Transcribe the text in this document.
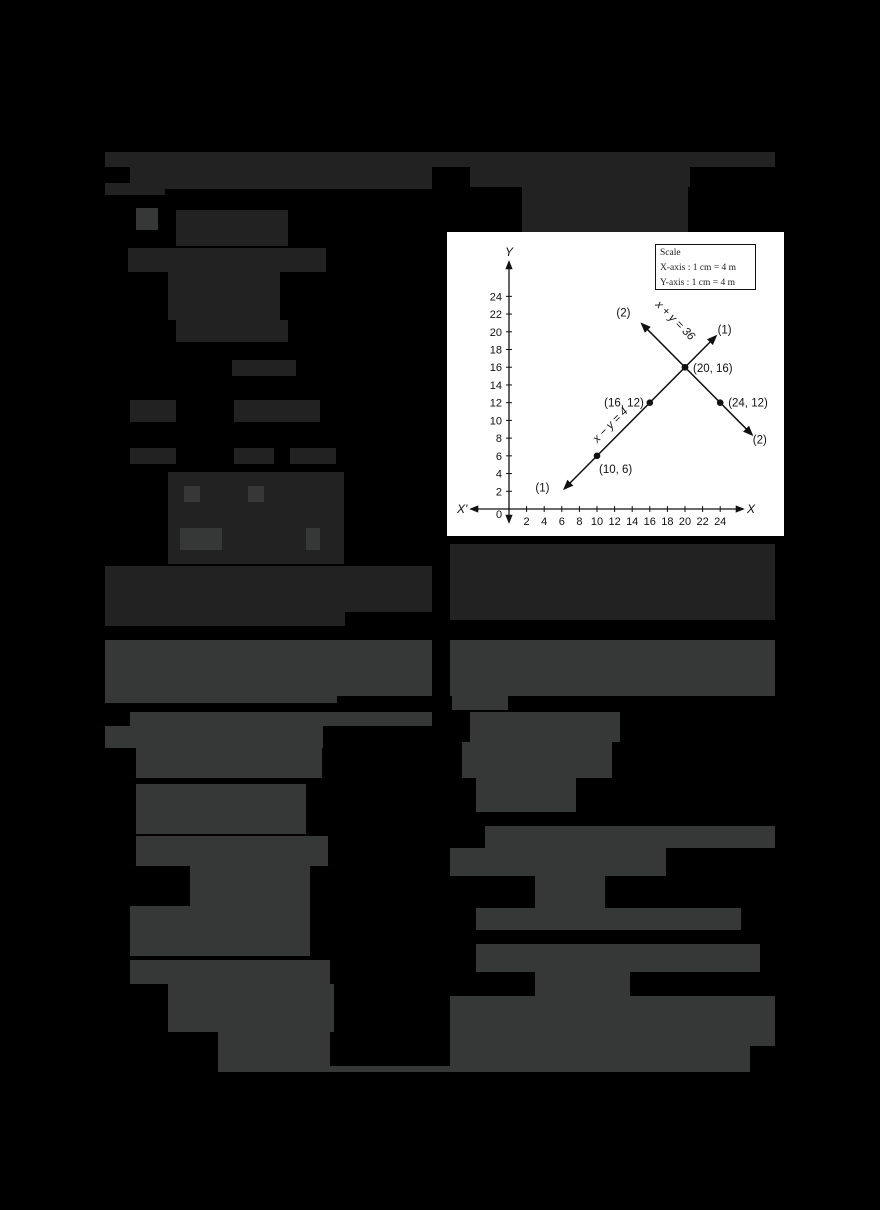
X
X'
Y
0
2 4 6 8 10 12 14 16 18 20 22 24
2
4
6
8
10
12
14
16
18
20
22
24
(10, 6)
(16, 12)
(20, 16)
(24, 12)
(1)
(1)
(2)
(2)
x + y = 36
x − y = 4
Scale
X-axis : 1 cm = 4 m
Y-axis : 1 cm = 4 m
